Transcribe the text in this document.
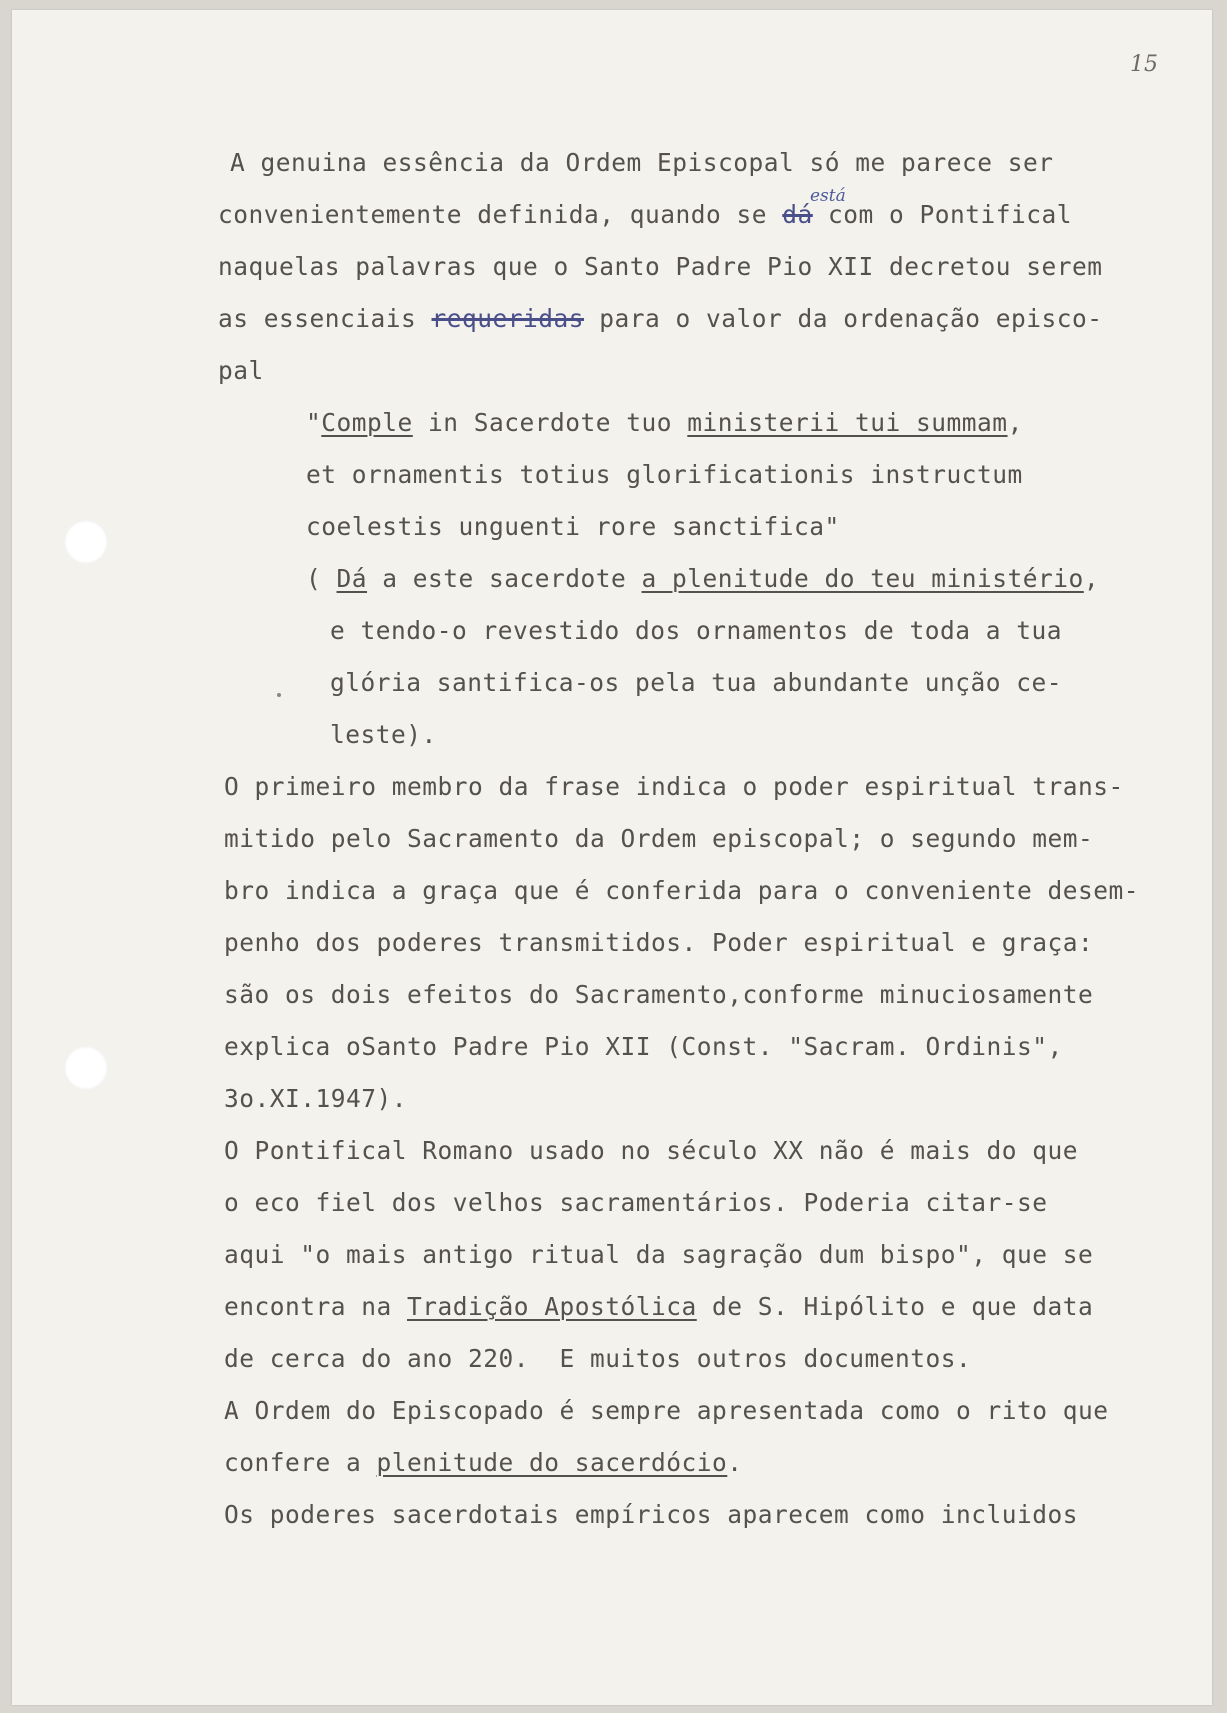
15
está
A genuina essência da Ordem Episcopal só me parece ser
convenientemente definida, quando se dá com o Pontifical
naquelas palavras que o Santo Padre Pio XII decretou serem
as essenciais requeridas para o valor da ordenação episco-
pal
"Comple in Sacerdote tuo ministerii tui summam,
et ornamentis totius glorificationis instructum
coelestis unguenti rore sanctifica"
( Dá a este sacerdote a plenitude do teu ministério,
e tendo-o revestido dos ornamentos de toda a tua
glória santifica-os pela tua abundante unção ce-
leste).
O primeiro membro da frase indica o poder espiritual trans-
mitido pelo Sacramento da Ordem episcopal; o segundo mem-
bro indica a graça que é conferida para o conveniente desem-
penho dos poderes transmitidos. Poder espiritual e graça:
são os dois efeitos do Sacramento,conforme minuciosamente
explica oSanto Padre Pio XII (Const. "Sacram. Ordinis",
3o.XI.1947).
O Pontifical Romano usado no século XX não é mais do que
o eco fiel dos velhos sacramentários. Poderia citar-se
aqui "o mais antigo ritual da sagração dum bispo", que se
encontra na Tradição Apostólica de S. Hipólito e que data
de cerca do ano 220.  E muitos outros documentos.
A Ordem do Episcopado é sempre apresentada como o rito que
confere a plenitude do sacerdócio.
Os poderes sacerdotais empíricos aparecem como incluidos
